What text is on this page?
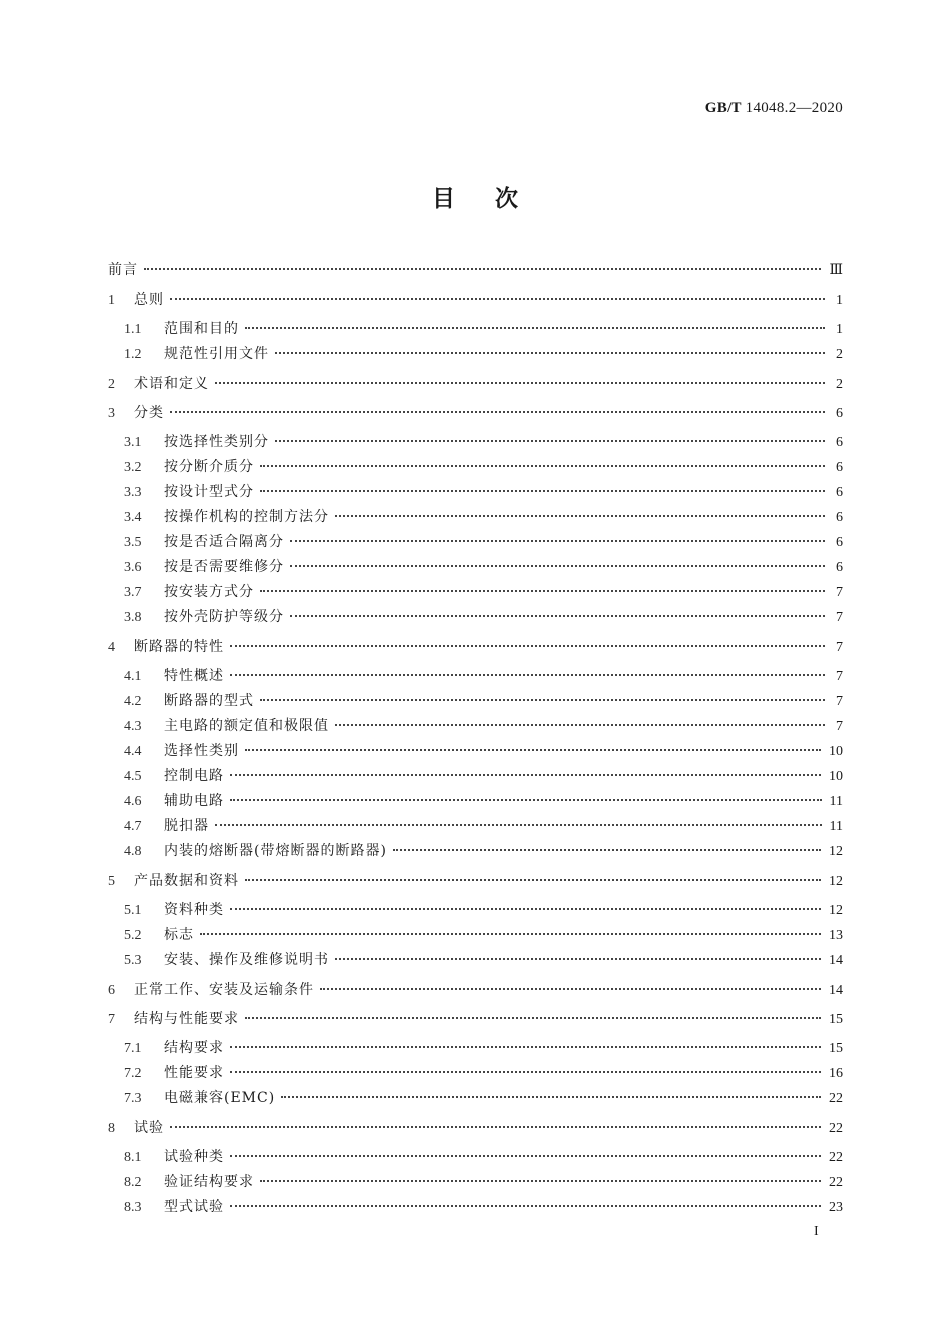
GB/T 14048.2—2020
目次
前言	Ⅲ
1	总则	1
1.1	范围和目的	1
1.2	规范性引用文件	2
2	术语和定义	2
3	分类	6
3.1	按选择性类别分	6
3.2	按分断介质分	6
3.3	按设计型式分	6
3.4	按操作机构的控制方法分	6
3.5	按是否适合隔离分	6
3.6	按是否需要维修分	6
3.7	按安装方式分	7
3.8	按外壳防护等级分	7
4	断路器的特性	7
4.1	特性概述	7
4.2	断路器的型式	7
4.3	主电路的额定值和极限值	7
4.4	选择性类别	10
4.5	控制电路	10
4.6	辅助电路	11
4.7	脱扣器	11
4.8	内装的熔断器(带熔断器的断路器)	12
5	产品数据和资料	12
5.1	资料种类	12
5.2	标志	13
5.3	安装、操作及维修说明书	14
6	正常工作、安装及运输条件	14
7	结构与性能要求	15
7.1	结构要求	15
7.2	性能要求	16
7.3	电磁兼容(EMC)	22
8	试验	22
8.1	试验种类	22
8.2	验证结构要求	22
8.3	型式试验	23
I
